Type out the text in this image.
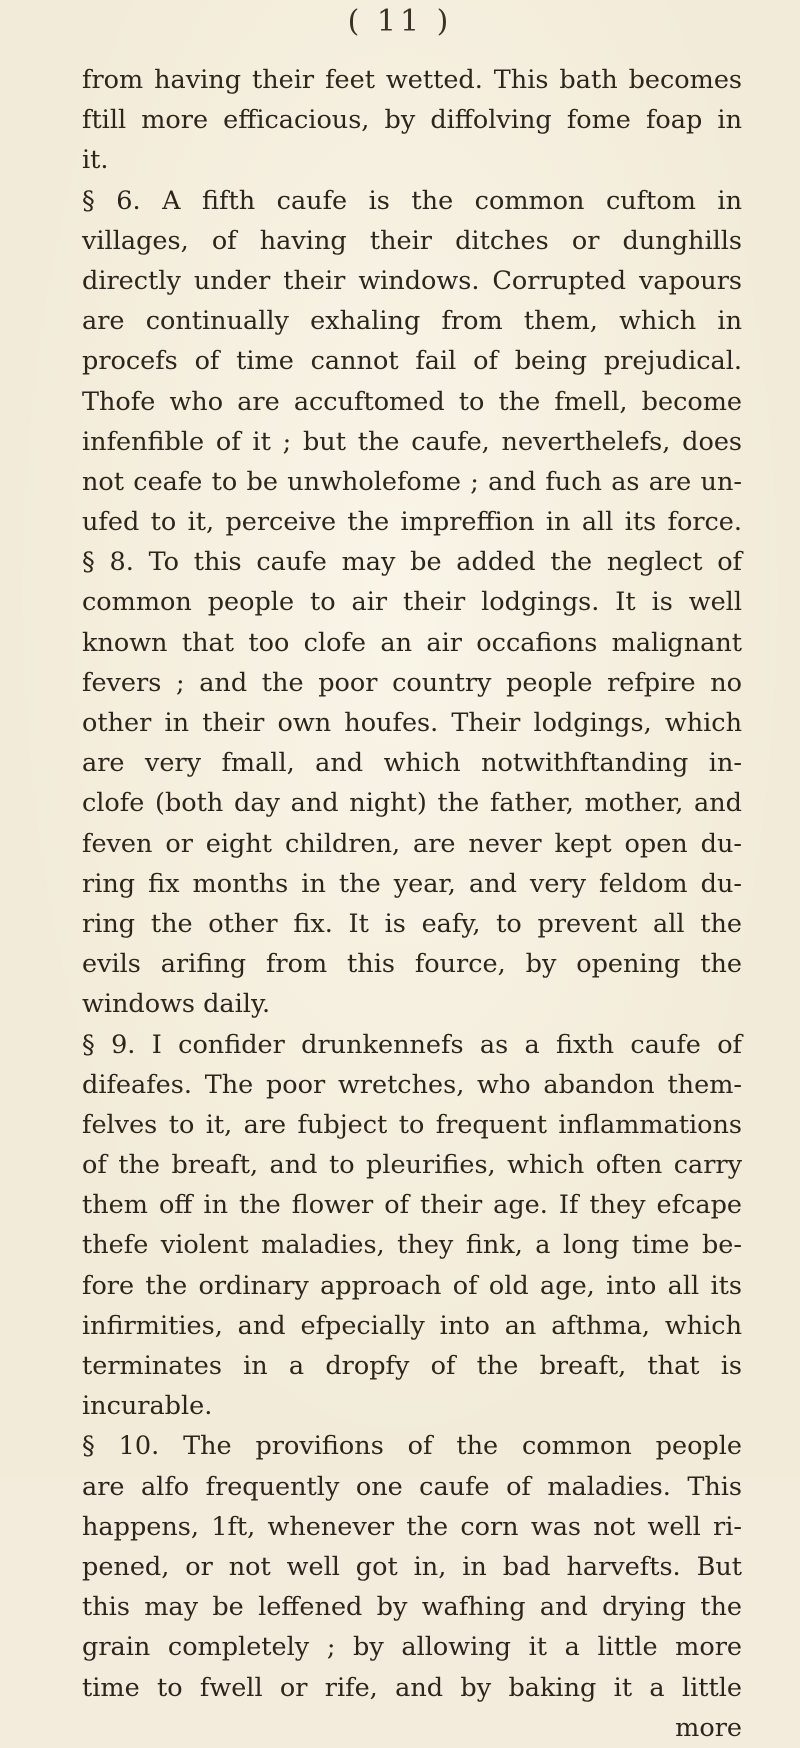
( 11 )
from having their feet wetted. This bath becomes
ftill more efficacious, by diffolving fome foap in
it.
§ 6. A fifth caufe is the common cuftom in
villages, of having their ditches or dunghills
directly under their windows. Corrupted vapours
are continually exhaling from them, which in
procefs of time cannot fail of being prejudical.
Thofe who are accuftomed to the fmell, become
infenfible of it ; but the caufe, neverthelefs, does
not ceafe to be unwholefome ; and fuch as are un-
ufed to it, perceive the impreffion in all its force.
§ 8. To this caufe may be added the neglect of
common people to air their lodgings. It is well
known that too clofe an air occafions malignant
fevers ; and the poor country people refpire no
other in their own houfes. Their lodgings, which
are very fmall, and which notwithftanding in-
clofe (both day and night) the father, mother, and
feven or eight children, are never kept open du-
ring fix months in the year, and very feldom du-
ring the other fix. It is eafy, to prevent all the
evils arifing from this fource, by opening the
windows daily.
§ 9. I confider drunkennefs as a fixth caufe of
difeafes. The poor wretches, who abandon them-
felves to it, are fubject to frequent inflammations
of the breaft, and to pleurifies, which often carry
them off in the flower of their age. If they efcape
thefe violent maladies, they fink, a long time be-
fore the ordinary approach of old age, into all its
infirmities, and efpecially into an afthma, which
terminates in a dropfy of the breaft, that is
incurable.
§ 10. The provifions of the common people
are alfo frequently one caufe of maladies. This
happens, 1ft, whenever the corn was not well ri-
pened, or not well got in, in bad harvefts. But
this may be leffened by wafhing and drying the
grain completely ; by allowing it a little more
time to fwell or rife, and by baking it a little
more
